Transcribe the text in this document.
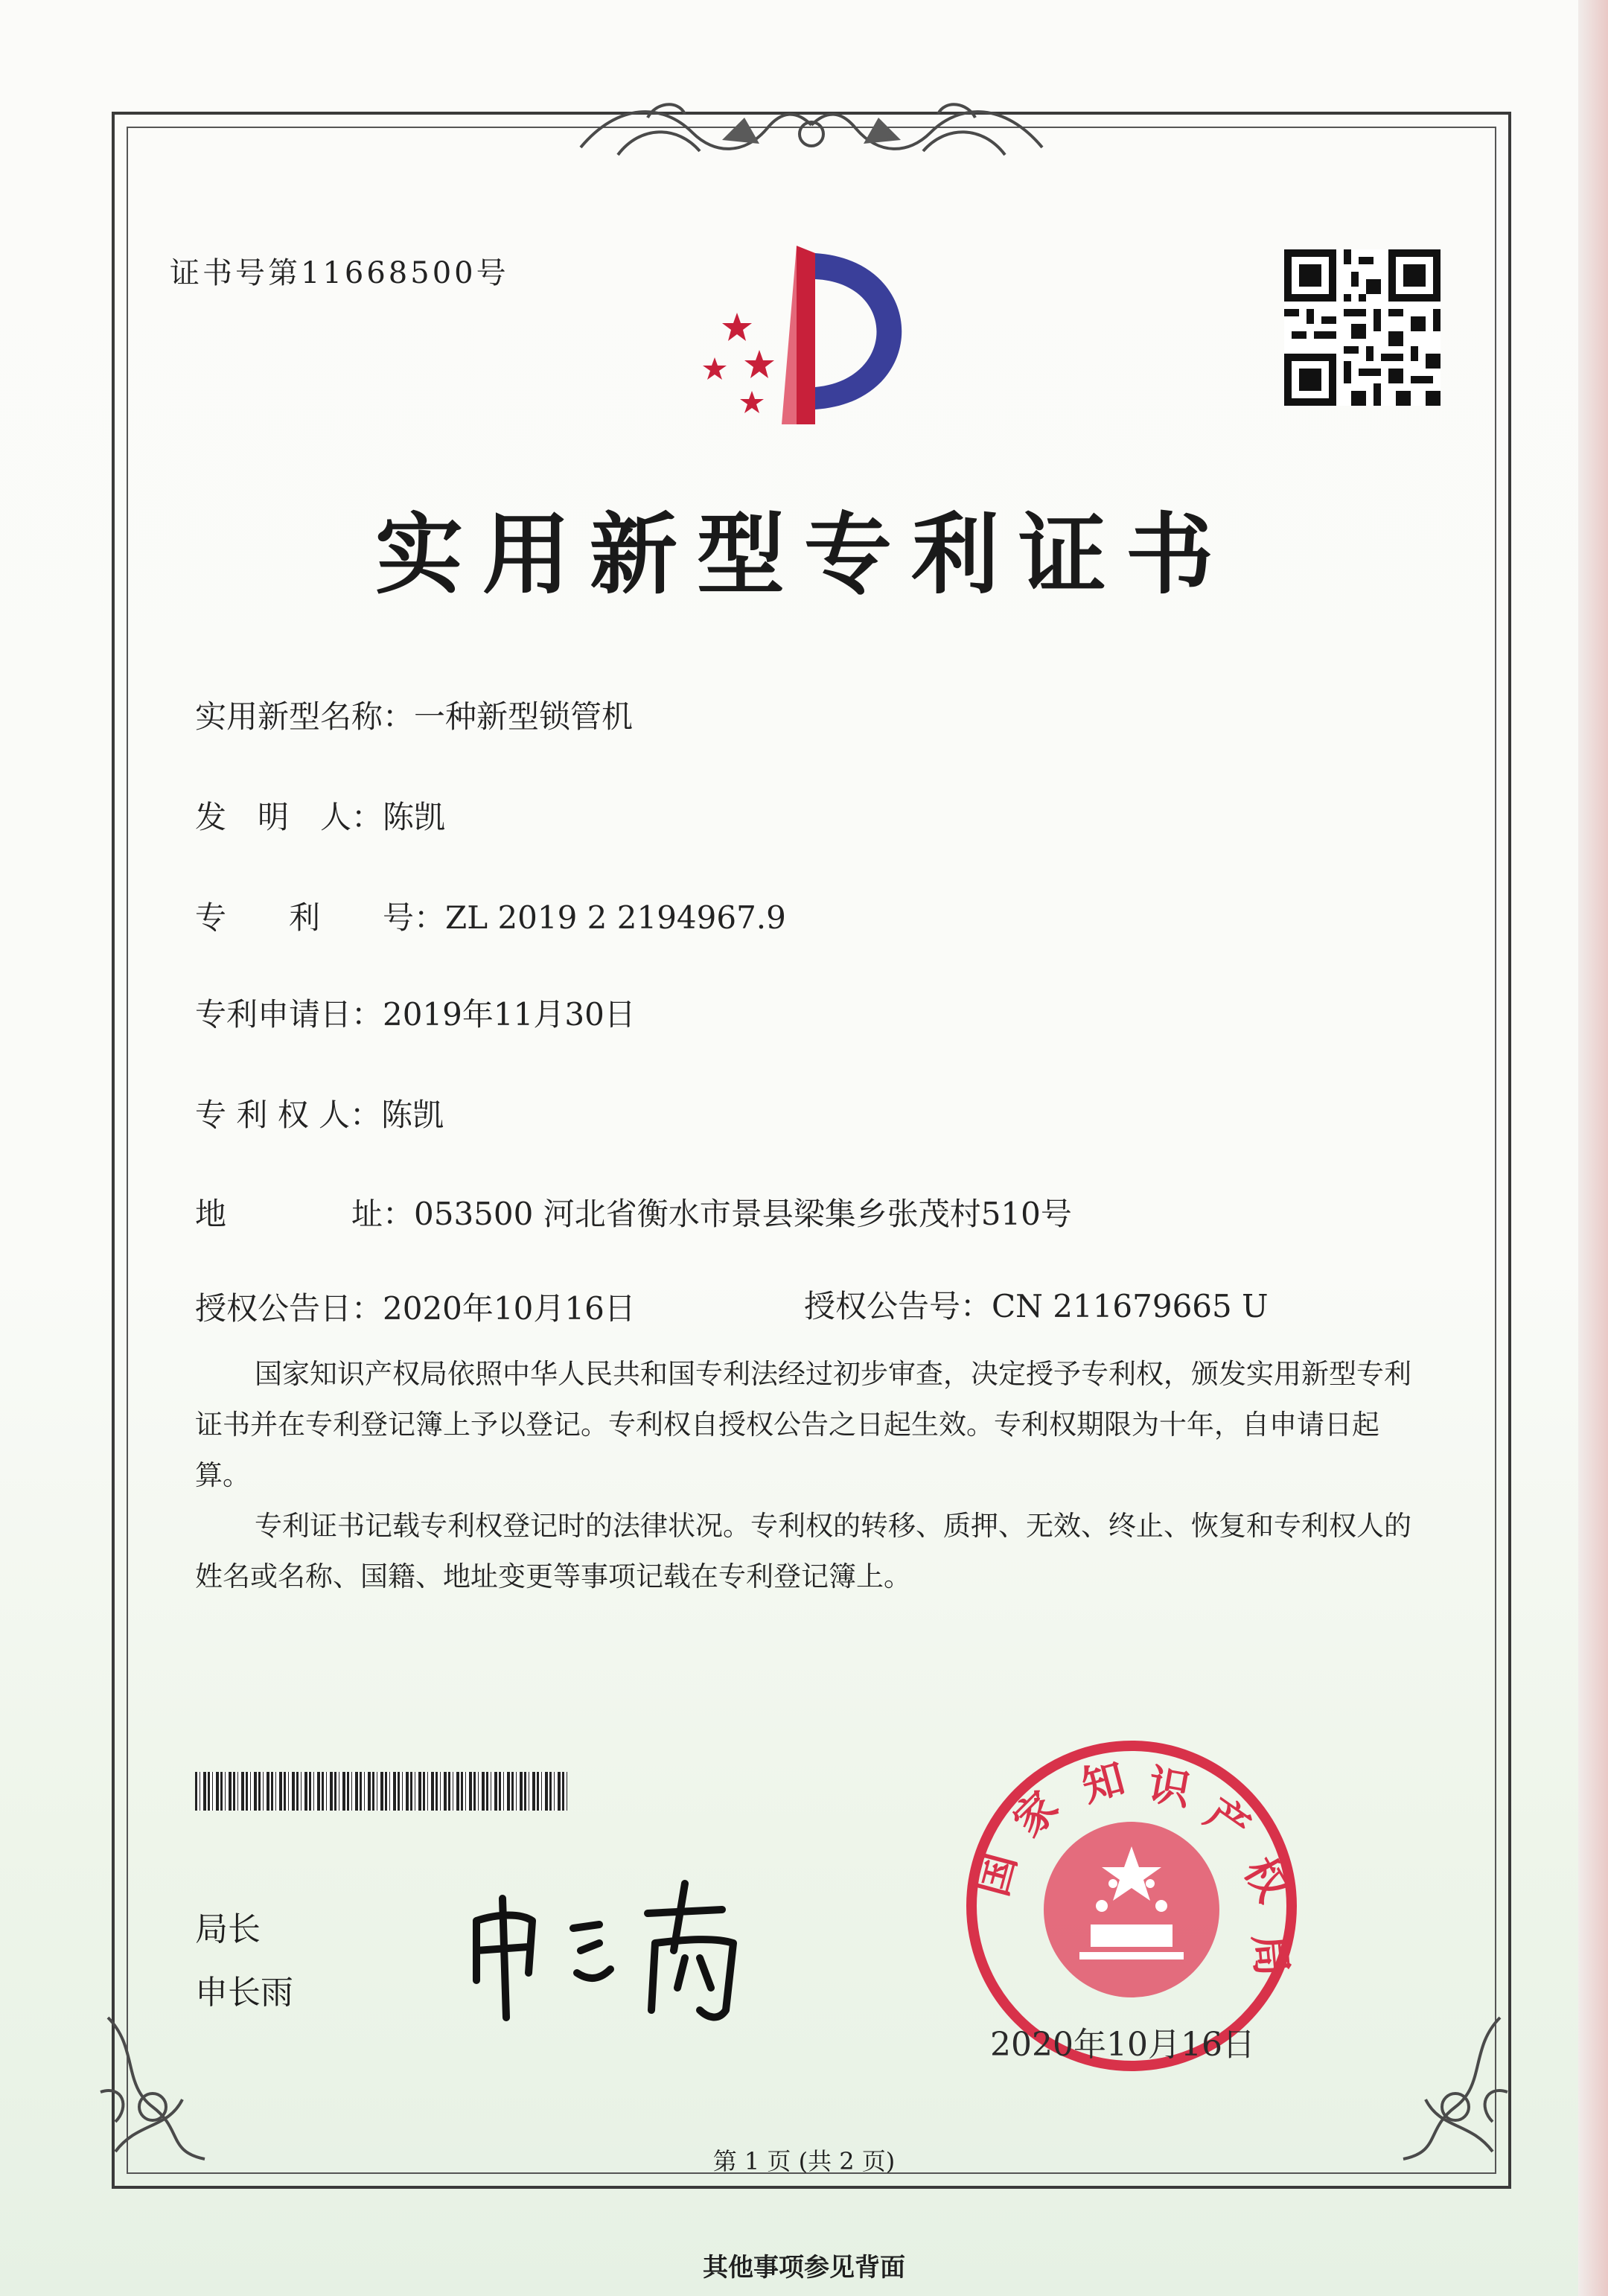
证书号第11668500号
实用新型专利证书
实用新型名称：一种新型锁管机
发　明　人：陈凯
专　　利　　号：ZL 2019 2 2194967.9
专利申请日：2019年11月30日
专 利 权 人：陈凯
地　　　　址：053500 河北省衡水市景县梁集乡张茂村510号
授权公告日：2020年10月16日	授权公告号：CN 211679665 U
国家知识产权局依照中华人民共和国专利法经过初步审查，决定授予专利权，颁发实用新型专利证书并在专利登记簿上予以登记。专利权自授权公告之日起生效。专利权期限为十年，自申请日起算。
专利证书记载专利权登记时的法律状况。专利权的转移、质押、无效、终止、恢复和专利权人的姓名或名称、国籍、地址变更等事项记载在专利登记簿上。
局长
申长雨
国
家 知 识
产
权
局
2020年10月16日
第 1 页 (共 2 页)
其他事项参见背面
